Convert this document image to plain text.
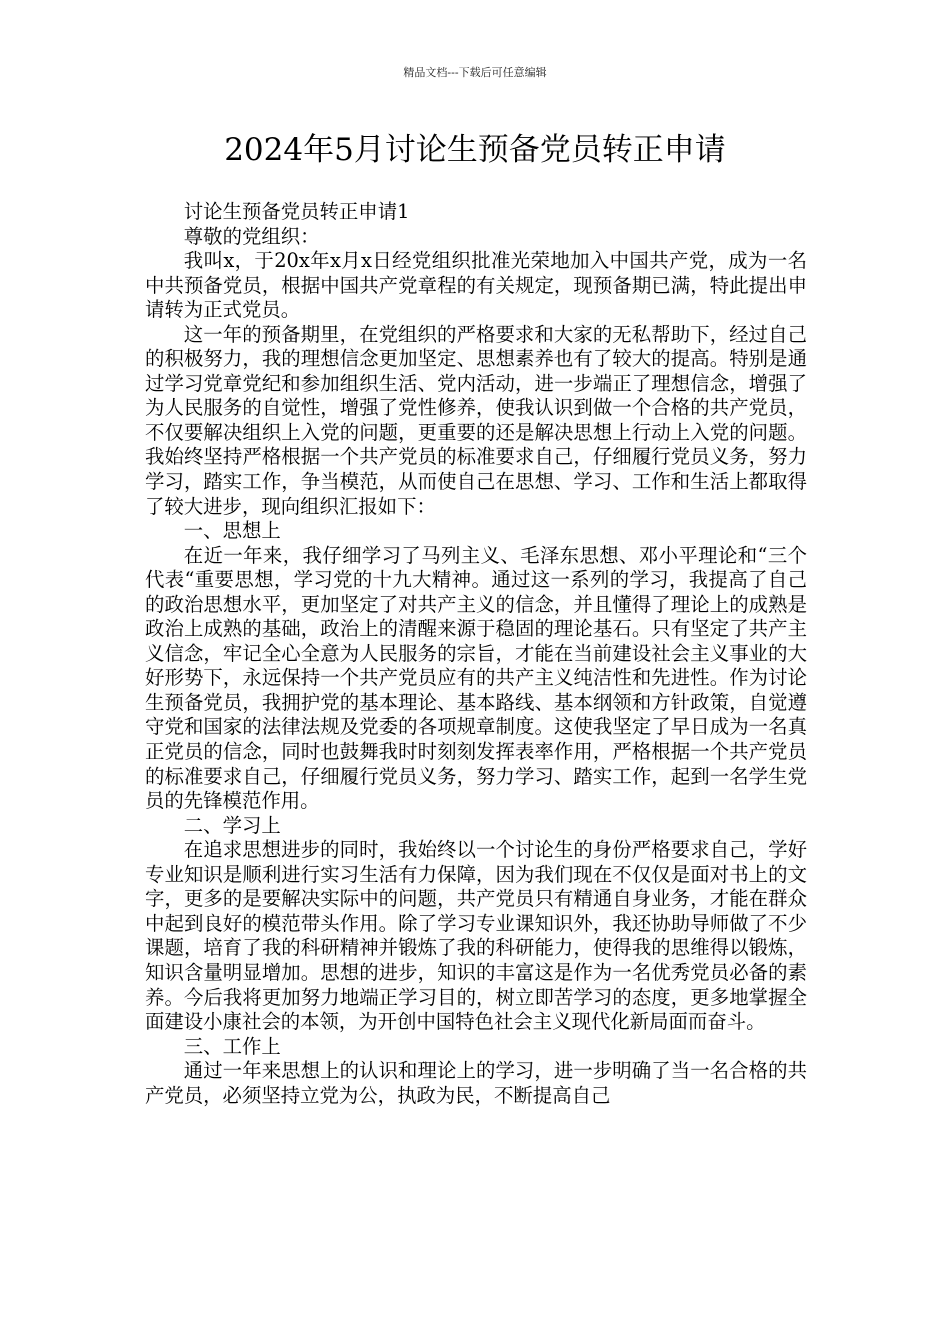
精品文档---下载后可任意编辑
2024年5月讨论生预备党员转正申请

讨论生预备党员转正申请1

尊敬的党组织：

我叫x，于20x年x月x日经党组织批准光荣地加入中国共产党，成为一名中共预备党员，根据中国共产党章程的有关规定，现预备期已满，特此提出申请转为正式党员。

这一年的预备期里，在党组织的严格要求和大家的无私帮助下，经过自己的积极努力，我的理想信念更加坚定、思想素养也有了较大的提高。特别是通过学习党章党纪和参加组织生活、党内活动，进一步端正了理想信念，增强了为人民服务的自觉性，增强了党性修养，使我认识到做一个合格的共产党员，不仅要解决组织上入党的问题，更重要的还是解决思想上行动上入党的问题。我始终坚持严格根据一个共产党员的标准要求自己，仔细履行党员义务，努力学习，踏实工作，争当模范，从而使自己在思想、学习、工作和生活上都取得了较大进步，现向组织汇报如下：

一、思想上

在近一年来，我仔细学习了马列主义、毛泽东思想、邓小平理论和“三个代表“重要思想，学习党的十九大精神。通过这一系列的学习，我提高了自己的政治思想水平，更加坚定了对共产主义的信念，并且懂得了理论上的成熟是政治上成熟的基础，政治上的清醒来源于稳固的理论基石。只有坚定了共产主义信念，牢记全心全意为人民服务的宗旨，才能在当前建设社会主义事业的大好形势下，永远保持一个共产党员应有的共产主义纯洁性和先进性。作为讨论生预备党员，我拥护党的基本理论、基本路线、基本纲领和方针政策，自觉遵守党和国家的法律法规及党委的各项规章制度。这使我坚定了早日成为一名真正党员的信念，同时也鼓舞我时时刻刻发挥表率作用，严格根据一个共产党员的标准要求自己，仔细履行党员义务，努力学习、踏实工作，起到一名学生党员的先锋模范作用。

二、学习上

在追求思想进步的同时，我始终以一个讨论生的身份严格要求自己，学好专业知识是顺利进行实习生活有力保障，因为我们现在不仅仅是面对书上的文字，更多的是要解决实际中的问题，共产党员只有精通自身业务，才能在群众中起到良好的模范带头作用。除了学习专业课知识外，我还协助导师做了不少课题，培育了我的科研精神并锻炼了我的科研能力，使得我的思维得以锻炼，知识含量明显增加。思想的进步，知识的丰富这是作为一名优秀党员必备的素养。今后我将更加努力地端正学习目的，树立即苦学习的态度，更多地掌握全面建设小康社会的本领，为开创中国特色社会主义现代化新局面而奋斗。

三、工作上

通过一年来思想上的认识和理论上的学习，进一步明确了当一名合格的共产党员，必须坚持立党为公，执政为民，不断提高自己
